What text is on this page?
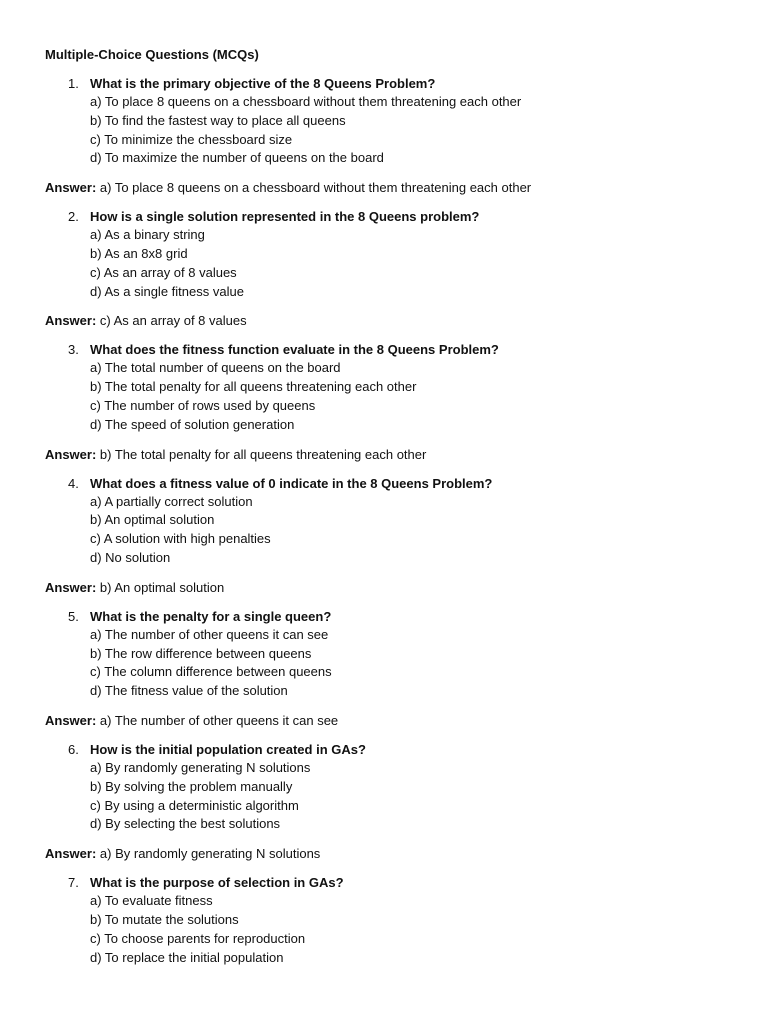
Multiple-Choice Questions (MCQs)
1. What is the primary objective of the 8 Queens Problem?
a) To place 8 queens on a chessboard without them threatening each other
b) To find the fastest way to place all queens
c) To minimize the chessboard size
d) To maximize the number of queens on the board
Answer: a) To place 8 queens on a chessboard without them threatening each other
2. How is a single solution represented in the 8 Queens problem?
a) As a binary string
b) As an 8x8 grid
c) As an array of 8 values
d) As a single fitness value
Answer: c) As an array of 8 values
3. What does the fitness function evaluate in the 8 Queens Problem?
a) The total number of queens on the board
b) The total penalty for all queens threatening each other
c) The number of rows used by queens
d) The speed of solution generation
Answer: b) The total penalty for all queens threatening each other
4. What does a fitness value of 0 indicate in the 8 Queens Problem?
a) A partially correct solution
b) An optimal solution
c) A solution with high penalties
d) No solution
Answer: b) An optimal solution
5. What is the penalty for a single queen?
a) The number of other queens it can see
b) The row difference between queens
c) The column difference between queens
d) The fitness value of the solution
Answer: a) The number of other queens it can see
6. How is the initial population created in GAs?
a) By randomly generating N solutions
b) By solving the problem manually
c) By using a deterministic algorithm
d) By selecting the best solutions
Answer: a) By randomly generating N solutions
7. What is the purpose of selection in GAs?
a) To evaluate fitness
b) To mutate the solutions
c) To choose parents for reproduction
d) To replace the initial population
